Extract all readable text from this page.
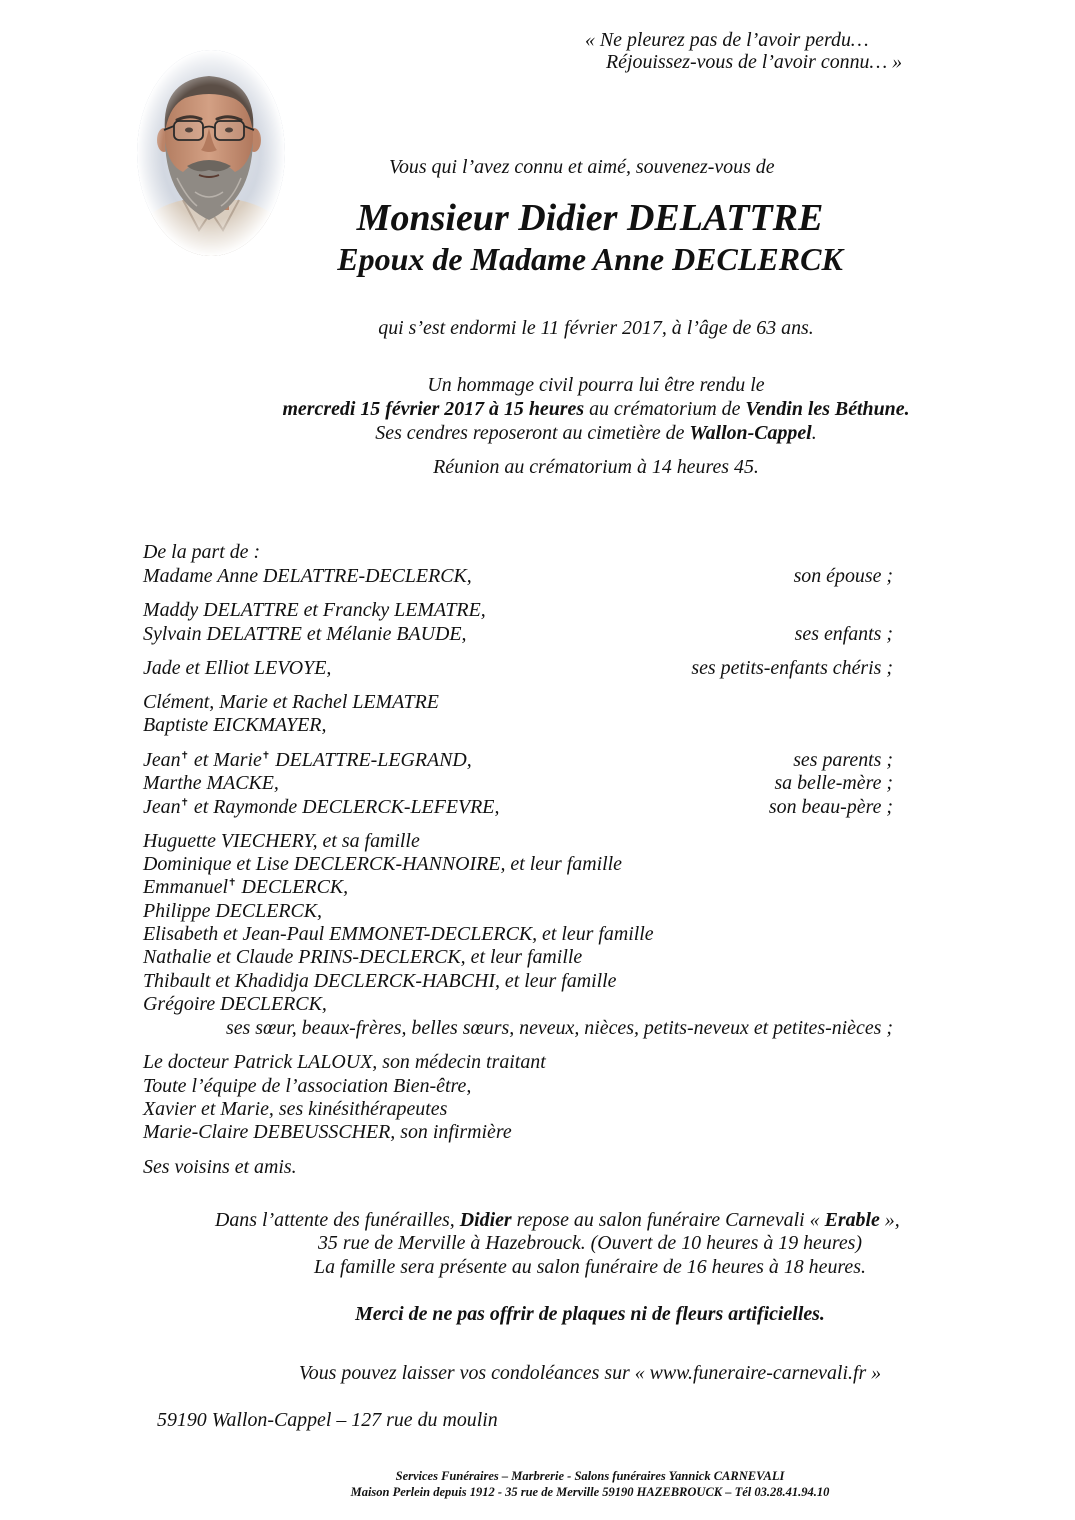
« Ne pleurez pas de l’avoir perdu…
Réjouissez-vous de l’avoir connu… »
Vous qui l’avez connu et aimé, souvenez-vous de
Monsieur Didier DELATTRE
Epoux de Madame Anne DECLERCK
qui s’est endormi le 11 février 2017, à l’âge de 63 ans.
Un hommage civil pourra lui être rendu le
mercredi 15 février 2017 à 15 heures au crématorium de Vendin les Béthune.
Ses cendres reposeront au cimetière de Wallon-Cappel.
Réunion au crématorium à 14 heures 45.
De la part de :
Madame Anne DELATTRE-DECLERCK,	son épouse ;
Maddy DELATTRE et Francky LEMATRE,
Sylvain DELATTRE et Mélanie BAUDE,	ses enfants ;
Jade et Elliot LEVOYE,	ses petits-enfants chéris ;
Clément, Marie et Rachel LEMATRE
Baptiste EICKMAYER,
Jean✝ et Marie✝ DELATTRE-LEGRAND,	ses parents ;
Marthe MACKE,	sa belle-mère ;
Jean✝ et Raymonde DECLERCK-LEFEVRE,	son beau-père ;
Huguette VIECHERY, et sa famille
Dominique et Lise DECLERCK-HANNOIRE, et leur famille
Emmanuel✝ DECLERCK,
Philippe DECLERCK,
Elisabeth et Jean-Paul EMMONET-DECLERCK, et leur famille
Nathalie et Claude PRINS-DECLERCK, et leur famille
Thibault et Khadidja DECLERCK-HABCHI, et leur famille
Grégoire DECLERCK,
ses sœur, beaux-frères, belles sœurs, neveux, nièces, petits-neveux et petites-nièces ;
Le docteur Patrick LALOUX, son médecin traitant
Toute l’équipe de l’association Bien-être,
Xavier et Marie, ses kinésithérapeutes
Marie-Claire DEBEUSSCHER, son infirmière
Ses voisins et amis.
Dans l’attente des funérailles, Didier repose au salon funéraire Carnevali « Erable »,
35 rue de Merville à Hazebrouck. (Ouvert de 10 heures à 19 heures)
La famille sera présente au salon funéraire de 16 heures à 18 heures.
Merci de ne pas offrir de plaques ni de fleurs artificielles.
Vous pouvez laisser vos condoléances sur « www.funeraire-carnevali.fr »
59190 Wallon-Cappel – 127 rue du moulin
Services Funéraires – Marbrerie - Salons funéraires Yannick CARNEVALI
Maison Perlein depuis 1912 - 35 rue de Merville 59190 HAZEBROUCK – Tél 03.28.41.94.10
